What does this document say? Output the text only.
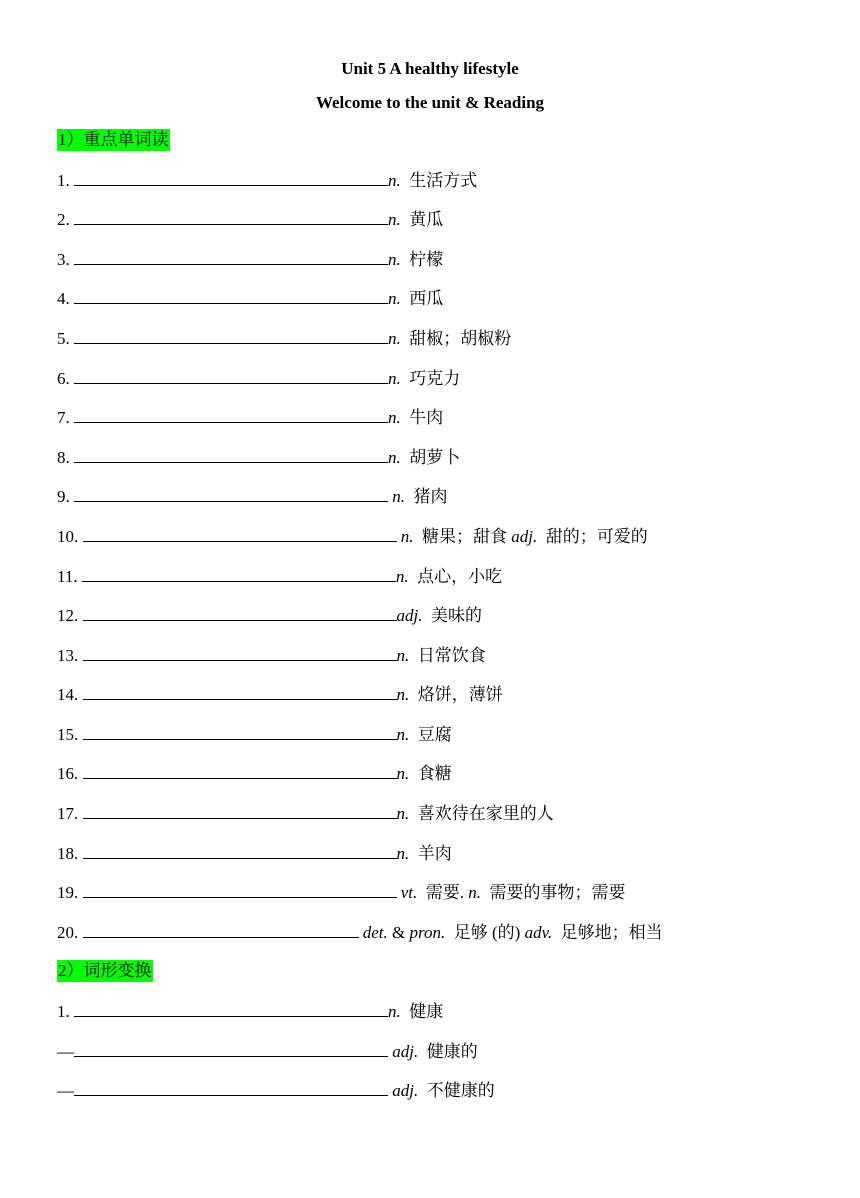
Unit 5 A healthy lifestyle
Welcome to the unit & Reading
1）重点单词读
1.	n. 生活方式
2.	n. 黄瓜
3.	n. 柠檬
4.	n. 西瓜
5.	n. 甜椒；胡椒粉
6.	n. 巧克力
7.	n. 牛肉
8.	n. 胡萝卜
9.	n. 猪肉
10.	n. 糖果；甜食 adj. 甜的；可爱的
11.	n. 点心，小吃
12.	adj. 美味的
13.	n. 日常饮食
14.	n. 烙饼，薄饼
15.	n. 豆腐
16.	n. 食糖
17.	n. 喜欢待在家里的人
18.	n. 羊肉
19.	vt. 需要. n. 需要的事物；需要
20.	det. & pron. 足够 (的) adv. 足够地；相当
2）词形变换
1.	n. 健康
—	adj. 健康的
—	adj. 不健康的
